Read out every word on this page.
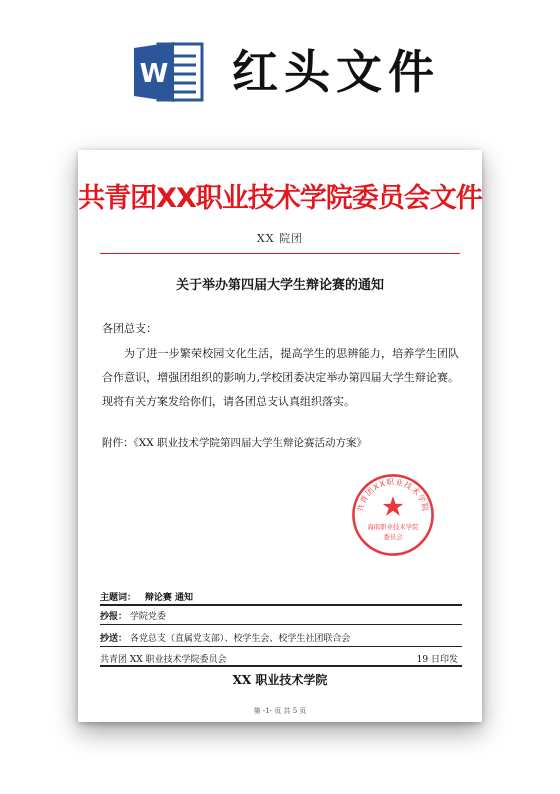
W 红头文件
共青团XX职业技术学院委员会文件
XX 院团
关于举办第四届大学生辩论赛的通知
各团总支：
为了进一步繁荣校园文化生活，提高学生的思辨能力，培养学生团队合作意识，增强团组织的影响力,学校团委决定举办第四届大学生辩论赛。现将有关方案发给你们，请各团总支认真组织落实。
附件：《XX 职业技术学院第四届大学生辩论赛活动方案》
共青团XX职业技术学院
海南职业技术学院
委员会
主题词： 辩论赛 通知
抄报： 学院党委
抄送： 各党总支（直属党支部）、校学生会、校学生社团联合会
共青团 XX 职业技术学院委员会	19 日印发
XX 职业技术学院
第 -1- 页 共 5 页
